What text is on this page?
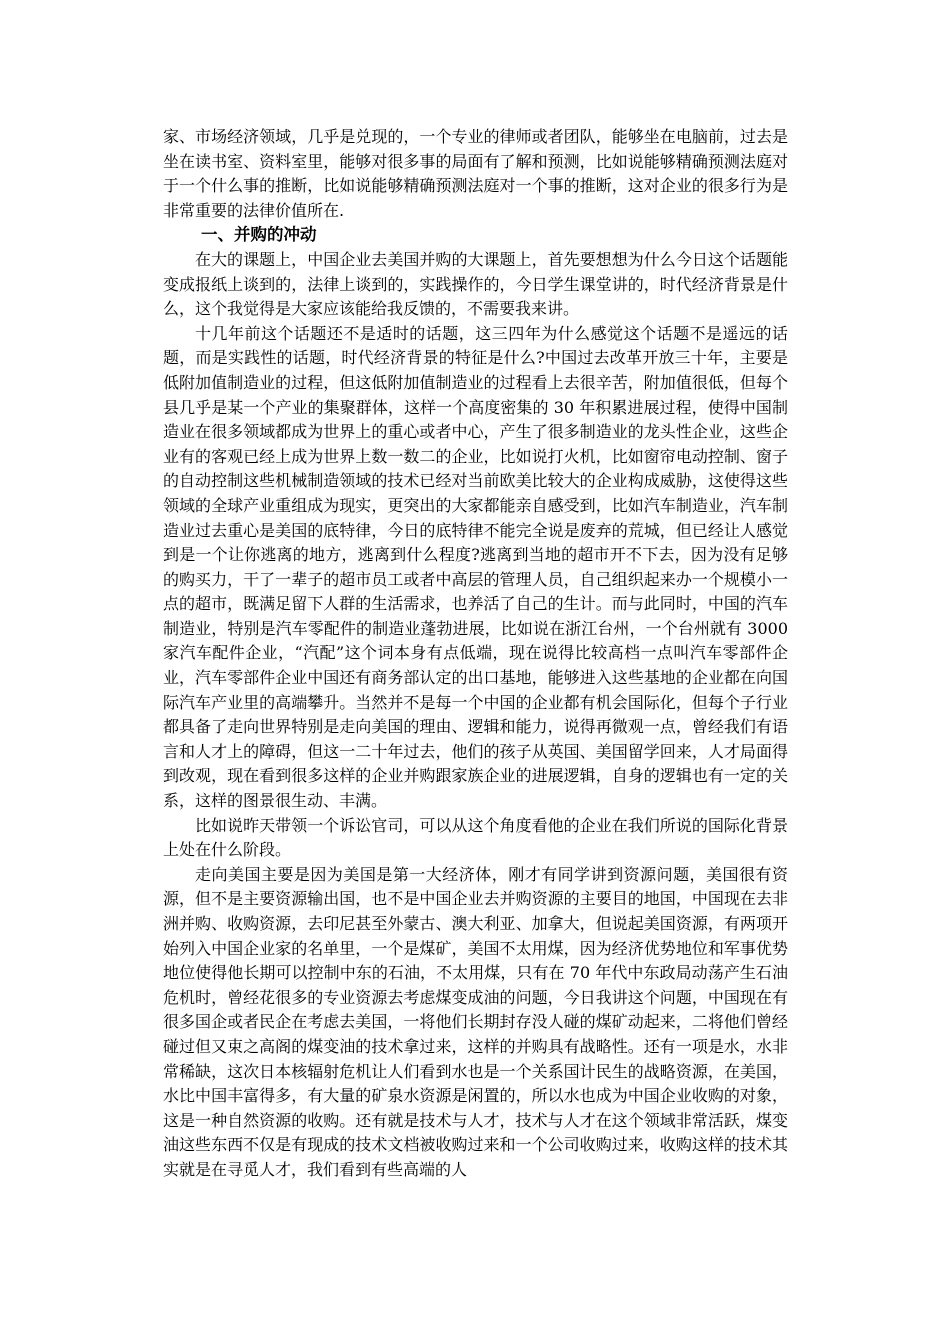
家、市场经济领域，几乎是兑现的，一个专业的律师或者团队，能够坐在电脑前，过去是坐在读书室、资料室里，能够对很多事的局面有了解和预测，比如说能够精确预测法庭对于一个什么事的推断，比如说能够精确预测法庭对一个事的推断，这对企业的很多行为是非常重要的法律价值所在.

一、并购的冲动

在大的课题上，中国企业去美国并购的大课题上，首先要想想为什么今日这个话题能变成报纸上谈到的，法律上谈到的，实践操作的，今日学生课堂讲的，时代经济背景是什么，这个我觉得是大家应该能给我反馈的，不需要我来讲。

十几年前这个话题还不是适时的话题，这三四年为什么感觉这个话题不是遥远的话题，而是实践性的话题，时代经济背景的特征是什么?中国过去改革开放三十年，主要是低附加值制造业的过程，但这低附加值制造业的过程看上去很辛苦，附加值很低，但每个县几乎是某一个产业的集聚群体，这样一个高度密集的 30 年积累进展过程，使得中国制造业在很多领域都成为世界上的重心或者中心，产生了很多制造业的龙头性企业，这些企业有的客观已经上成为世界上数一数二的企业，比如说打火机，比如窗帘电动控制、窗子的自动控制这些机械制造领域的技术已经对当前欧美比较大的企业构成威胁，这使得这些领域的全球产业重组成为现实，更突出的大家都能亲自感受到，比如汽车制造业，汽车制造业过去重心是美国的底特律，今日的底特律不能完全说是废弃的荒城，但已经让人感觉到是一个让你逃离的地方，逃离到什么程度?逃离到当地的超市开不下去，因为没有足够的购买力，干了一辈子的超市员工或者中高层的管理人员，自己组织起来办一个规模小一点的超市，既满足留下人群的生活需求，也养活了自己的生计。而与此同时，中国的汽车制造业，特别是汽车零配件的制造业蓬勃进展，比如说在浙江台州，一个台州就有 3000 家汽车配件企业，“汽配”这个词本身有点低端，现在说得比较高档一点叫汽车零部件企业，汽车零部件企业中国还有商务部认定的出口基地，能够进入这些基地的企业都在向国际汽车产业里的高端攀升。当然并不是每一个中国的企业都有机会国际化，但每个子行业都具备了走向世界特别是走向美国的理由、逻辑和能力，说得再微观一点，曾经我们有语言和人才上的障碍，但这一二十年过去，他们的孩子从英国、美国留学回来，人才局面得到改观，现在看到很多这样的企业并购跟家族企业的进展逻辑，自身的逻辑也有一定的关系，这样的图景很生动、丰满。

比如说昨天带领一个诉讼官司，可以从这个角度看他的企业在我们所说的国际化背景上处在什么阶段。

走向美国主要是因为美国是第一大经济体，刚才有同学讲到资源问题，美国很有资源，但不是主要资源输出国，也不是中国企业去并购资源的主要目的地国，中国现在去非洲并购、收购资源，去印尼甚至外蒙古、澳大利亚、加拿大，但说起美国资源，有两项开始列入中国企业家的名单里，一个是煤矿，美国不太用煤，因为经济优势地位和军事优势地位使得他长期可以控制中东的石油，不太用煤，只有在 70 年代中东政局动荡产生石油危机时，曾经花很多的专业资源去考虑煤变成油的问题，今日我讲这个问题，中国现在有很多国企或者民企在考虑去美国，一将他们长期封存没人碰的煤矿动起来，二将他们曾经碰过但又束之高阁的煤变油的技术拿过来，这样的并购具有战略性。还有一项是水，水非常稀缺，这次日本核辐射危机让人们看到水也是一个关系国计民生的战略资源，在美国，水比中国丰富得多，有大量的矿泉水资源是闲置的，所以水也成为中国企业收购的对象，这是一种自然资源的收购。还有就是技术与人才，技术与人才在这个领域非常活跃，煤变油这些东西不仅是有现成的技术文档被收购过来和一个公司收购过来，收购这样的技术其实就是在寻觅人才，我们看到有些高端的人
